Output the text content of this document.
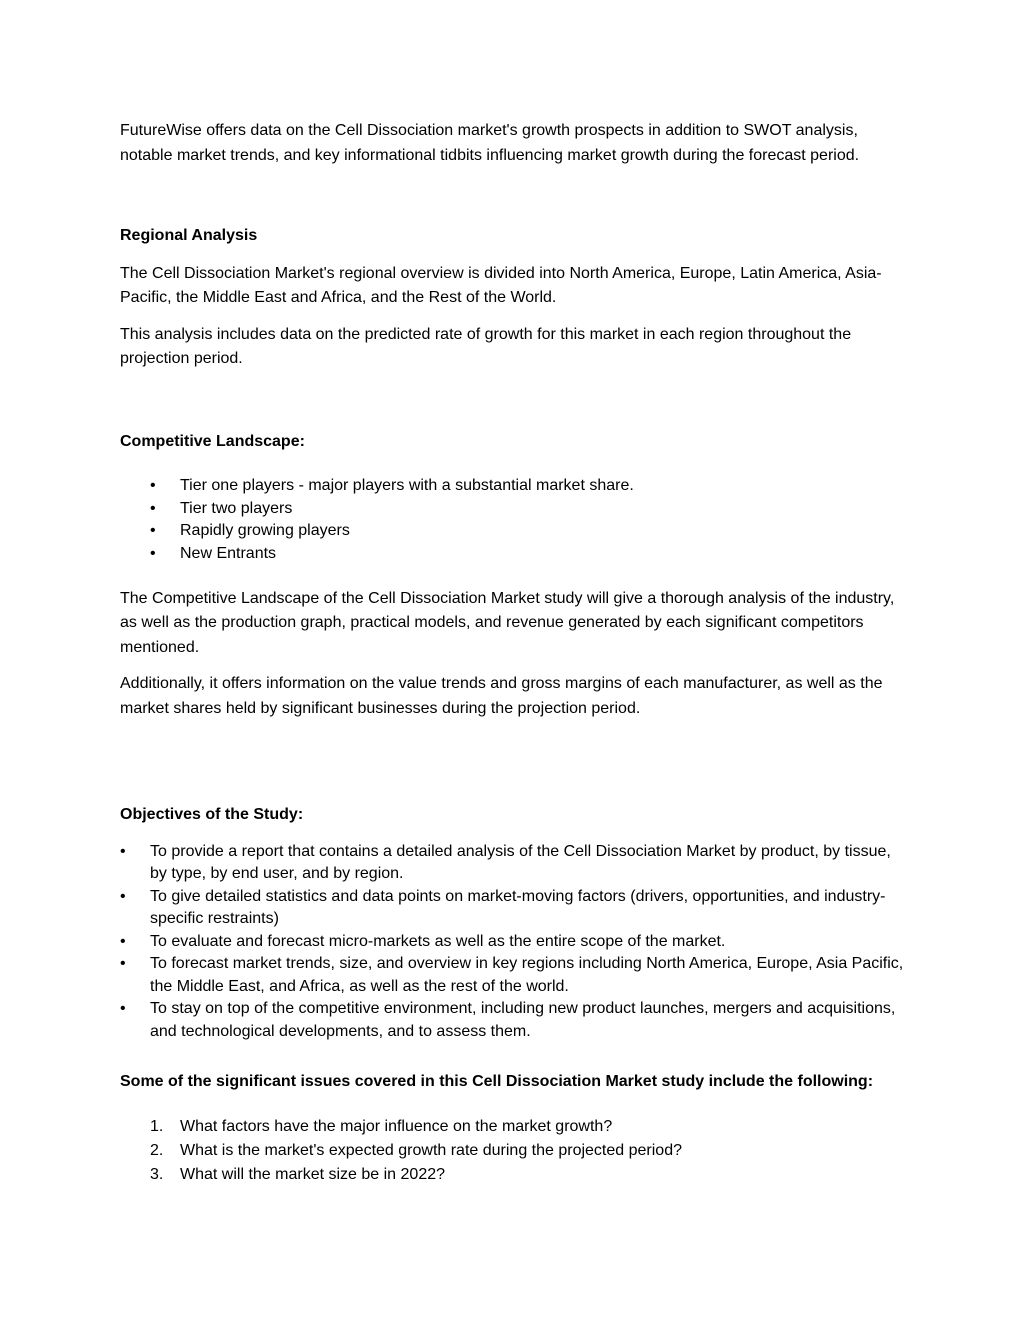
FutureWise offers data on the Cell Dissociation market's growth prospects in addition to SWOT analysis, notable market trends, and key informational tidbits influencing market growth during the forecast period.

Regional Analysis

The Cell Dissociation Market's regional overview is divided into North America, Europe, Latin America, Asia-Pacific, the Middle East and Africa, and the Rest of the World.

This analysis includes data on the predicted rate of growth for this market in each region throughout the projection period.

Competitive Landscape:

• Tier one players - major players with a substantial market share.
• Tier two players
• Rapidly growing players
• New Entrants

The Competitive Landscape of the Cell Dissociation Market study will give a thorough analysis of the industry, as well as the production graph, practical models, and revenue generated by each significant competitors mentioned.

Additionally, it offers information on the value trends and gross margins of each manufacturer, as well as the market shares held by significant businesses during the projection period.

Objectives of the Study:

• To provide a report that contains a detailed analysis of the Cell Dissociation Market by product, by tissue, by type, by end user, and by region.
• To give detailed statistics and data points on market-moving factors (drivers, opportunities, and industry-specific restraints)
• To evaluate and forecast micro-markets as well as the entire scope of the market.
• To forecast market trends, size, and overview in key regions including North America, Europe, Asia Pacific, the Middle East, and Africa, as well as the rest of the world.
• To stay on top of the competitive environment, including new product launches, mergers and acquisitions, and technological developments, and to assess them.

Some of the significant issues covered in this Cell Dissociation Market study include the following:

1. What factors have the major influence on the market growth?
2. What is the market's expected growth rate during the projected period?
3. What will the market size be in 2022?
